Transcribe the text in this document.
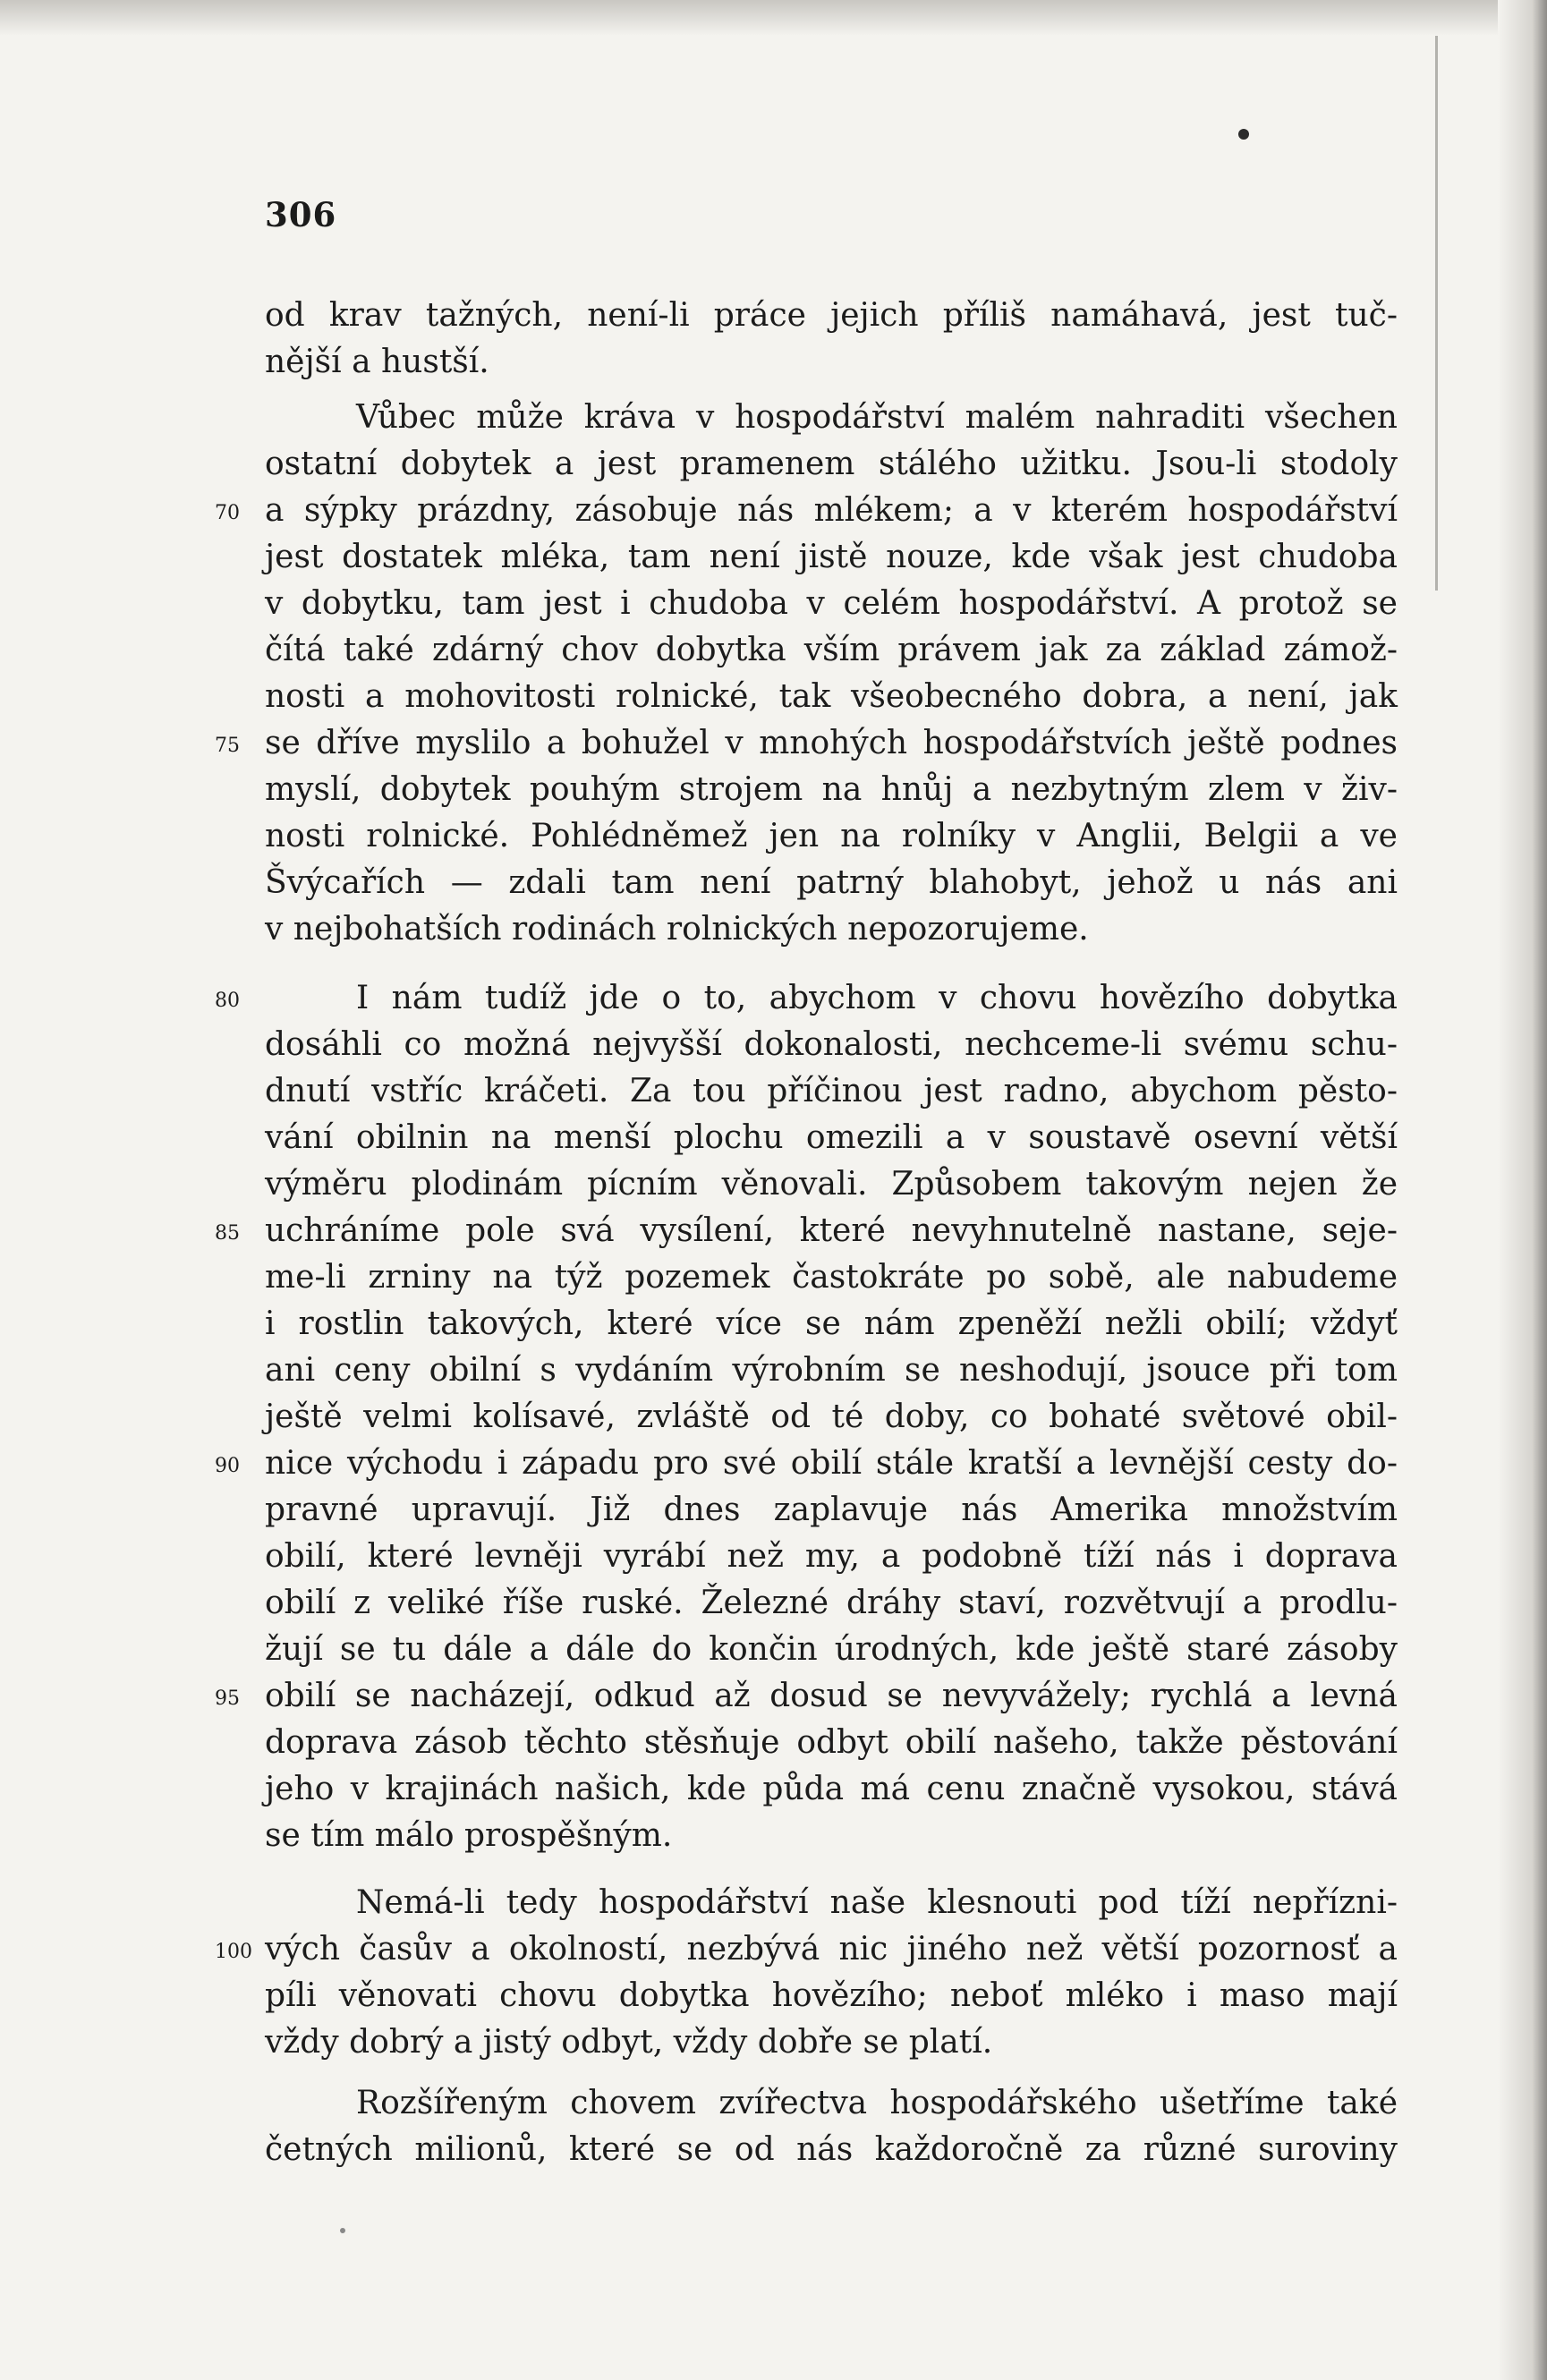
306
od krav tažných, není-li práce jejich příliš namáhavá, jest tuč-
nější a hustší.
Vůbec může kráva v hospodářství malém nahraditi všechen
ostatní dobytek a jest pramenem stálého užitku. Jsou-li stodoly
70 a sýpky prázdny, zásobuje nás mlékem; a v kterém hospodářství
jest dostatek mléka, tam není jistě nouze, kde však jest chudoba
v dobytku, tam jest i chudoba v celém hospodářství. A protož se
čítá také zdárný chov dobytka vším právem jak za základ zámož-
nosti a mohovitosti rolnické, tak všeobecného dobra, a není, jak
75 se dříve myslilo a bohužel v mnohých hospodářstvích ještě podnes
myslí, dobytek pouhým strojem na hnůj a nezbytným zlem v živ-
nosti rolnické. Pohlédněmež jen na rolníky v Anglii, Belgii a ve
Švýcařích — zdali tam není patrný blahobyt, jehož u nás ani
v nejbohatších rodinách rolnických nepozorujeme.
80	I nám tudíž jde o to, abychom v chovu hovězího dobytka
dosáhli co možná nejvyšší dokonalosti, nechceme-li svému schu-
dnutí vstříc kráčeti. Za tou příčinou jest radno, abychom pěsto-
vání obilnin na menší plochu omezili a v soustavě osevní větší
výměru plodinám pícním věnovali. Způsobem takovým nejen že
85 uchráníme pole svá vysílení, které nevyhnutelně nastane, seje-
me-li zrniny na týž pozemek častokráte po sobě, ale nabudeme
i rostlin takových, které více se nám zpeněží nežli obilí; vždyť
ani ceny obilní s vydáním výrobním se neshodují, jsouce při tom
ještě velmi kolísavé, zvláště od té doby, co bohaté světové obil-
90 nice východu i západu pro své obilí stále kratší a levnější cesty do-
pravné upravují. Již dnes zaplavuje nás Amerika množstvím
obilí, které levněji vyrábí než my, a podobně tíží nás i doprava
obilí z veliké říše ruské. Železné dráhy staví, rozvětvují a prodlu-
žují se tu dále a dále do končin úrodných, kde ještě staré zásoby
95 obilí se nacházejí, odkud až dosud se nevyvážely; rychlá a levná
doprava zásob těchto stěsňuje odbyt obilí našeho, takže pěstování
jeho v krajinách našich, kde půda má cenu značně vysokou, stává
se tím málo prospěšným.
Nemá-li tedy hospodářství naše klesnouti pod tíží nepřízni-
100 vých časův a okolností, nezbývá nic jiného než větší pozornosť a
píli věnovati chovu dobytka hovězího; neboť mléko i maso mají
vždy dobrý a jistý odbyt, vždy dobře se platí.
Rozšířeným chovem zvířectva hospodářského ušetříme také
četných milionů, které se od nás každoročně za různé suroviny
